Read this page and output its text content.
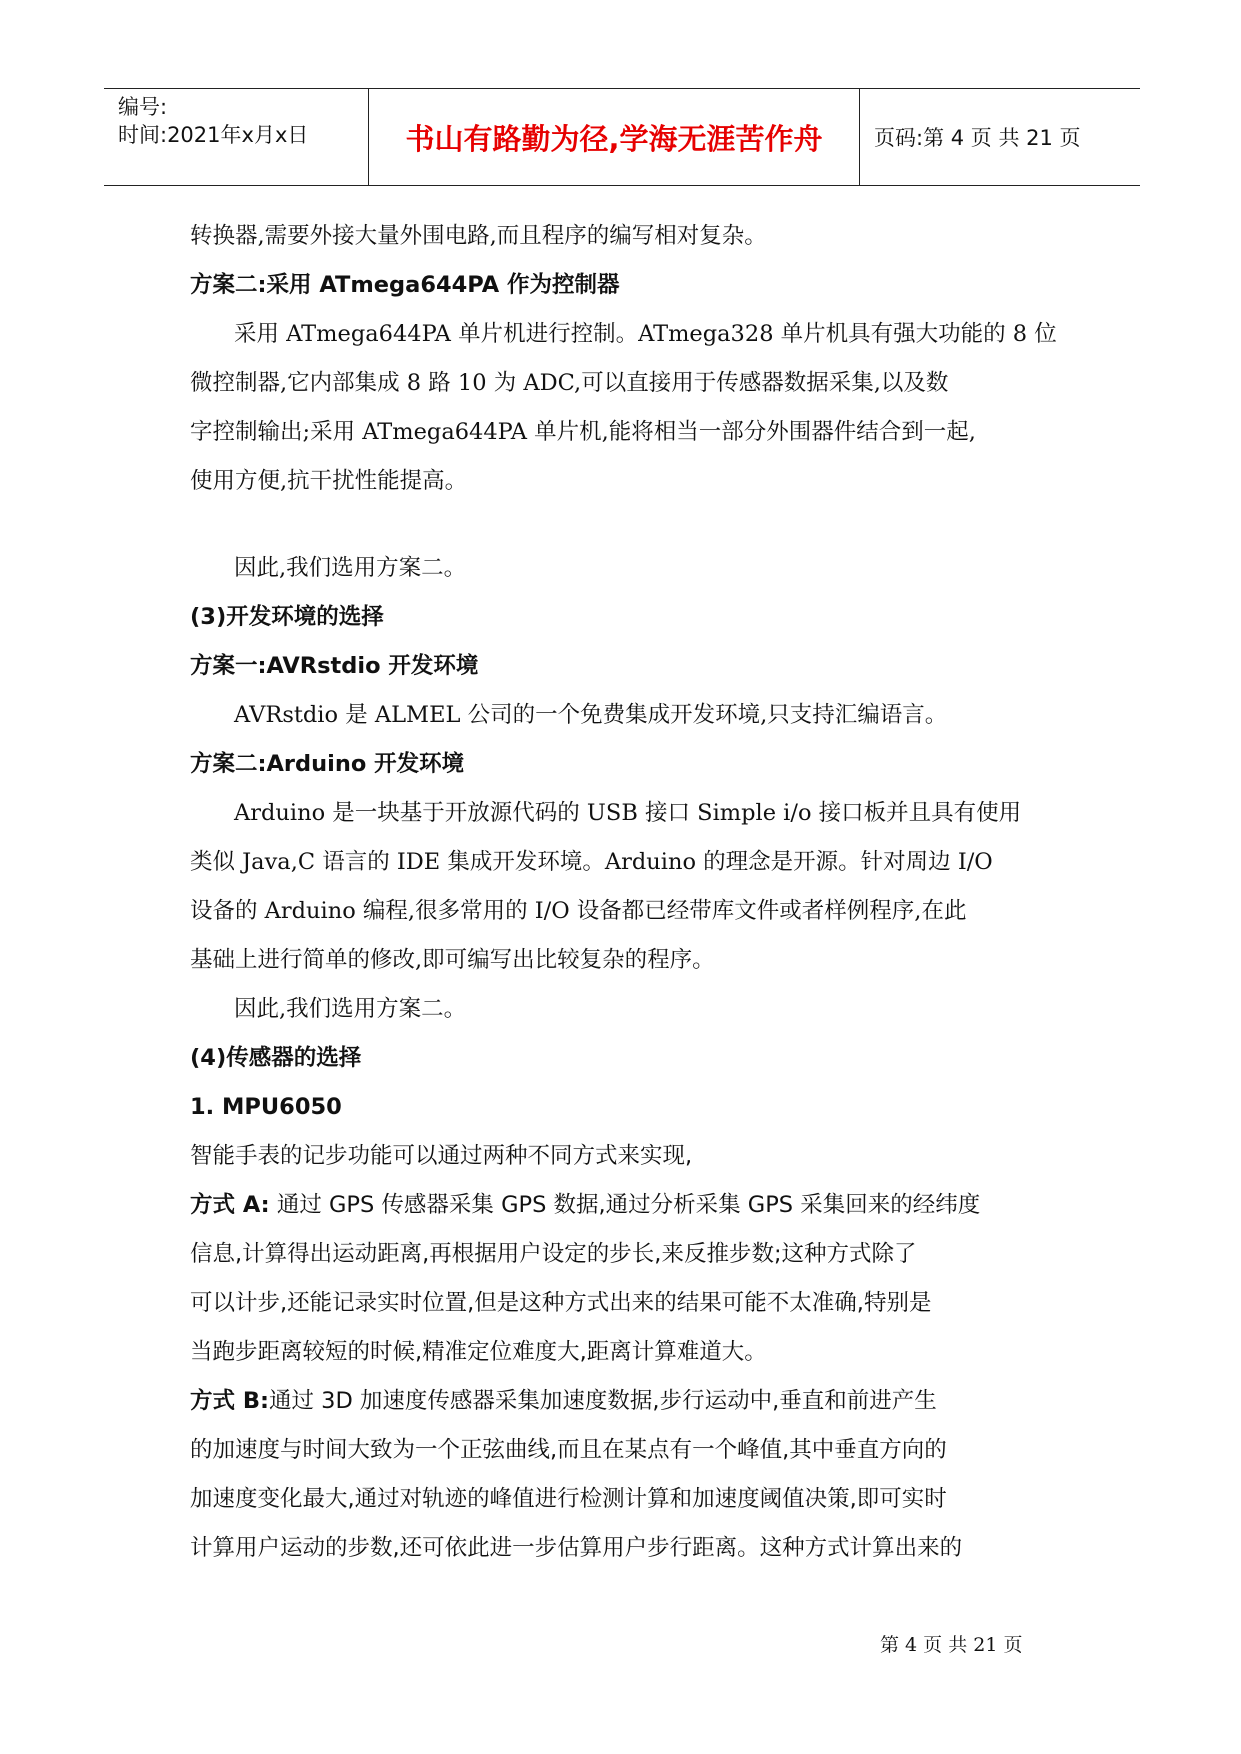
编号:
时间:2021年x月x日	书山有路勤为径,学海无涯苦作舟	页码:第 4 页 共 21 页
转换器,需要外接大量外围电路,而且程序的编写相对复杂。
方案二:采用 ATmega644PA 作为控制器
采用 ATmega644PA 单片机进行控制。ATmega328 单片机具有强大功能的 8 位
微控制器,它内部集成 8 路 10 为 ADC,可以直接用于传感器数据采集,以及数
字控制输出;采用 ATmega644PA 单片机,能将相当一部分外围器件结合到一起,
使用方便,抗干扰性能提高。
因此,我们选用方案二。
(3)开发环境的选择
方案一:AVRstdio 开发环境
AVRstdio 是 ALMEL 公司的一个免费集成开发环境,只支持汇编语言。
方案二:Arduino 开发环境
Arduino 是一块基于开放源代码的 USB 接口 Simple i/o 接口板并且具有使用
类似 Java,C 语言的 IDE 集成开发环境。Arduino 的理念是开源。针对周边 I/O
设备的 Arduino 编程,很多常用的 I/O 设备都已经带库文件或者样例程序,在此
基础上进行简单的修改,即可编写出比较复杂的程序。
因此,我们选用方案二。
(4)传感器的选择
1. MPU6050
智能手表的记步功能可以通过两种不同方式来实现,
方式 A: 通过 GPS 传感器采集 GPS 数据,通过分析采集 GPS 采集回来的经纬度
信息,计算得出运动距离,再根据用户设定的步长,来反推步数;这种方式除了
可以计步,还能记录实时位置,但是这种方式出来的结果可能不太准确,特别是
当跑步距离较短的时候,精准定位难度大,距离计算难道大。
方式 B:通过 3D 加速度传感器采集加速度数据,步行运动中,垂直和前进产生
的加速度与时间大致为一个正弦曲线,而且在某点有一个峰值,其中垂直方向的
加速度变化最大,通过对轨迹的峰值进行检测计算和加速度阈值决策,即可实时
计算用户运动的步数,还可依此进一步估算用户步行距离。这种方式计算出来的
第 4 页 共 21 页
